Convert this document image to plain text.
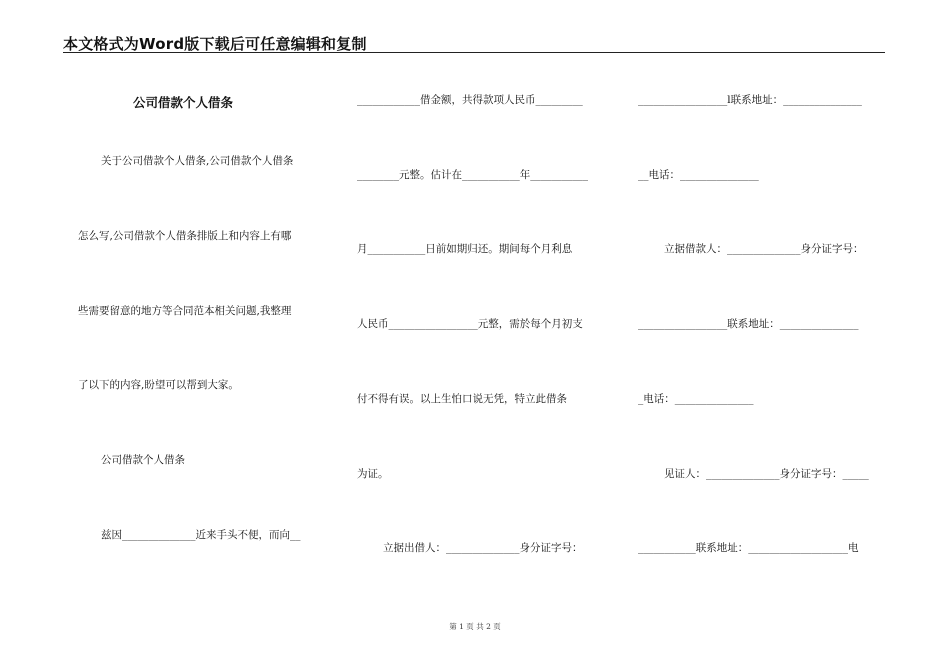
本文格式为Word版下载后可任意编辑和复制
公司借款个人借条
关于公司借款个人借条,公司借款个人借条
怎么写,公司借款个人借条排版上和内容上有哪
些需要留意的地方等合同范本相关问题,我整理
了以下的内容,盼望可以帮到大家。
公司借款个人借条
兹因______________近来手头不便，而向__
____________借金额，共得款项人民币_________
________元整。估计在___________年___________
月___________日前如期归还。期间每个月利息
人民币_________________元整，需於每个月初支
付不得有误。以上生怕口说无凭，特立此借条
为证。
立据出借人：______________身分证字号：
_________________l联系地址：_______________
__电话：_______________
立据借款人：______________身分证字号：
_________________联系地址：_______________
_电话：_______________
见证人：______________身分证字号：_____
___________联系地址：___________________电
第 1 页 共 2 页
